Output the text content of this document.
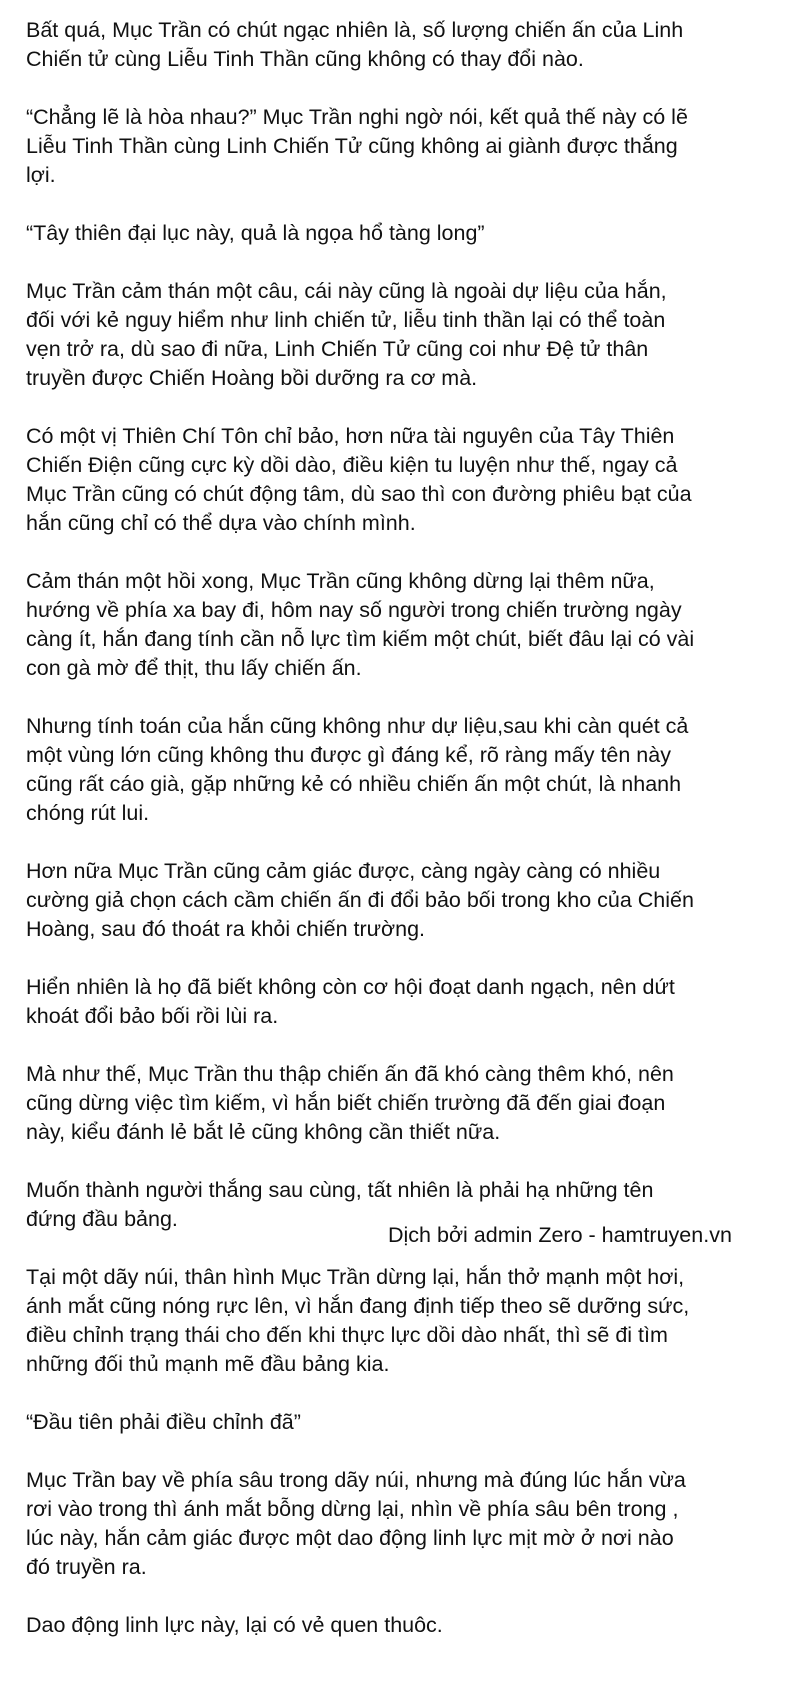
Bất quá, Mục Trần có chút ngạc nhiên là, số lượng chiến ấn của Linh
Chiến tử cùng Liễu Tinh Thần cũng không có thay đổi nào.

“Chẳng lẽ là hòa nhau?” Mục Trần nghi ngờ nói, kết quả thế này có lẽ
Liễu Tinh Thần cùng Linh Chiến Tử cũng không ai giành được thắng
lợi.

“Tây thiên đại lục này, quả là ngọa hổ tàng long”

Mục Trần cảm thán một câu, cái này cũng là ngoài dự liệu của hắn,
đối với kẻ nguy hiểm như linh chiến tử, liễu tinh thần lại có thể toàn
vẹn trở ra, dù sao đi nữa, Linh Chiến Tử cũng coi như Đệ tử thân
truyền được Chiến Hoàng bồi dưỡng ra cơ mà.

Có một vị Thiên Chí Tôn chỉ bảo, hơn nữa tài nguyên của Tây Thiên
Chiến Điện cũng cực kỳ dồi dào, điều kiện tu luyện như thế, ngay cả
Mục Trần cũng có chút động tâm, dù sao thì con đường phiêu bạt của
hắn cũng chỉ có thể dựa vào chính mình.

Cảm thán một hồi xong, Mục Trần cũng không dừng lại thêm nữa,
hướng về phía xa bay đi, hôm nay số người trong chiến trường ngày
càng ít, hắn đang tính cần nỗ lực tìm kiếm một chút, biết đâu lại có vài
con gà mờ để thịt, thu lấy chiến ấn.

Nhưng tính toán của hắn cũng không như dự liệu,sau khi càn quét cả
một vùng lớn cũng không thu được gì đáng kể, rõ ràng mấy tên này
cũng rất cáo già, gặp những kẻ có nhiều chiến ấn một chút, là nhanh
chóng rút lui.

Hơn nữa Mục Trần cũng cảm giác được, càng ngày càng có nhiều
cường giả chọn cách cầm chiến ấn đi đổi bảo bối trong kho của Chiến
Hoàng, sau đó thoát ra khỏi chiến trường.

Hiển nhiên là họ đã biết không còn cơ hội đoạt danh ngạch, nên dứt
khoát đổi bảo bối rồi lùi ra.

Mà như thế, Mục Trần thu thập chiến ấn đã khó càng thêm khó, nên
cũng dừng việc tìm kiếm, vì hắn biết chiến trường đã đến giai đoạn
này, kiểu đánh lẻ bắt lẻ cũng không cần thiết nữa.

Muốn thành người thắng sau cùng, tất nhiên là phải hạ những tên
đứng đầu bảng.

Tại một dãy núi, thân hình Mục Trần dừng lại, hắn thở mạnh một hơi,
ánh mắt cũng nóng rực lên, vì hắn đang định tiếp theo sẽ dưỡng sức,
điều chỉnh trạng thái cho đến khi thực lực dồi dào nhất, thì sẽ đi tìm
những đối thủ mạnh mẽ đầu bảng kia.

“Đầu tiên phải điều chỉnh đã”

Mục Trần bay về phía sâu trong dãy núi, nhưng mà đúng lúc hắn vừa
rơi vào trong thì ánh mắt bỗng dừng lại, nhìn về phía sâu bên trong ,
lúc này, hắn cảm giác được một dao động linh lực mịt mờ ở nơi nào
đó truyền ra.

Dao động linh lực này, lại có vẻ quen thuôc.

Dịch bởi admin Zero - hamtruyen.vn
